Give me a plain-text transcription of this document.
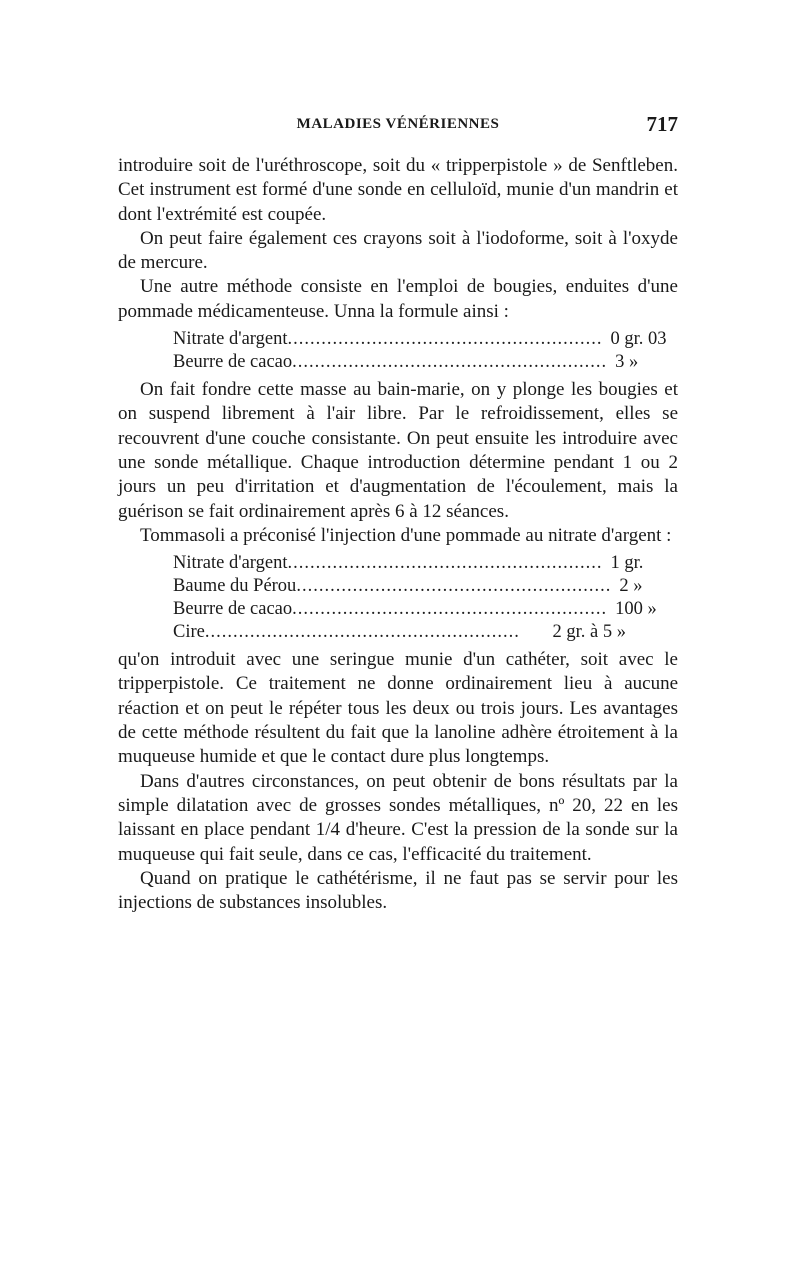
MALADIES VÉNÉRIENNES	717

introduire soit de l'uréthroscope, soit du « tripperpistole » de Senftleben. Cet instrument est formé d'une sonde en celluloïd, munie d'un mandrin et dont l'extrémité est coupée.

On peut faire également ces crayons soit à l'iodoforme, soit à l'oxyde de mercure.

Une autre méthode consiste en l'emploi de bougies, enduites d'une pommade médicamenteuse. Unna la formule ainsi :

Nitrate d'argent........................................................ 0 gr. 03
Beurre de cacao........................................................ 3 »

On fait fondre cette masse au bain-marie, on y plonge les bougies et on suspend librement à l'air libre. Par le refroidissement, elles se recouvrent d'une couche consistante. On peut ensuite les introduire avec une sonde métallique. Chaque introduction détermine pendant 1 ou 2 jours un peu d'irritation et d'augmentation de l'écoulement, mais la guérison se fait ordinairement après 6 à 12 séances.

Tommasoli a préconisé l'injection d'une pommade au nitrate d'argent :

Nitrate d'argent........................................................ 1 gr.
Baume du Pérou........................................................ 2 »
Beurre de cacao........................................................ 100 »
Cire........................................................	2 gr. à 5 »

qu'on introduit avec une seringue munie d'un cathéter, soit avec le tripperpistole. Ce traitement ne donne ordinairement lieu à aucune réaction et on peut le répéter tous les deux ou trois jours. Les avantages de cette méthode résultent du fait que la lanoline adhère étroitement à la muqueuse humide et que le contact dure plus longtemps.

Dans d'autres circonstances, on peut obtenir de bons résultats par la simple dilatation avec de grosses sondes métalliques, nº 20, 22 en les laissant en place pendant 1/4 d'heure. C'est la pression de la sonde sur la muqueuse qui fait seule, dans ce cas, l'efficacité du traitement.

Quand on pratique le cathétérisme, il ne faut pas se servir pour les injections de substances insolubles.
